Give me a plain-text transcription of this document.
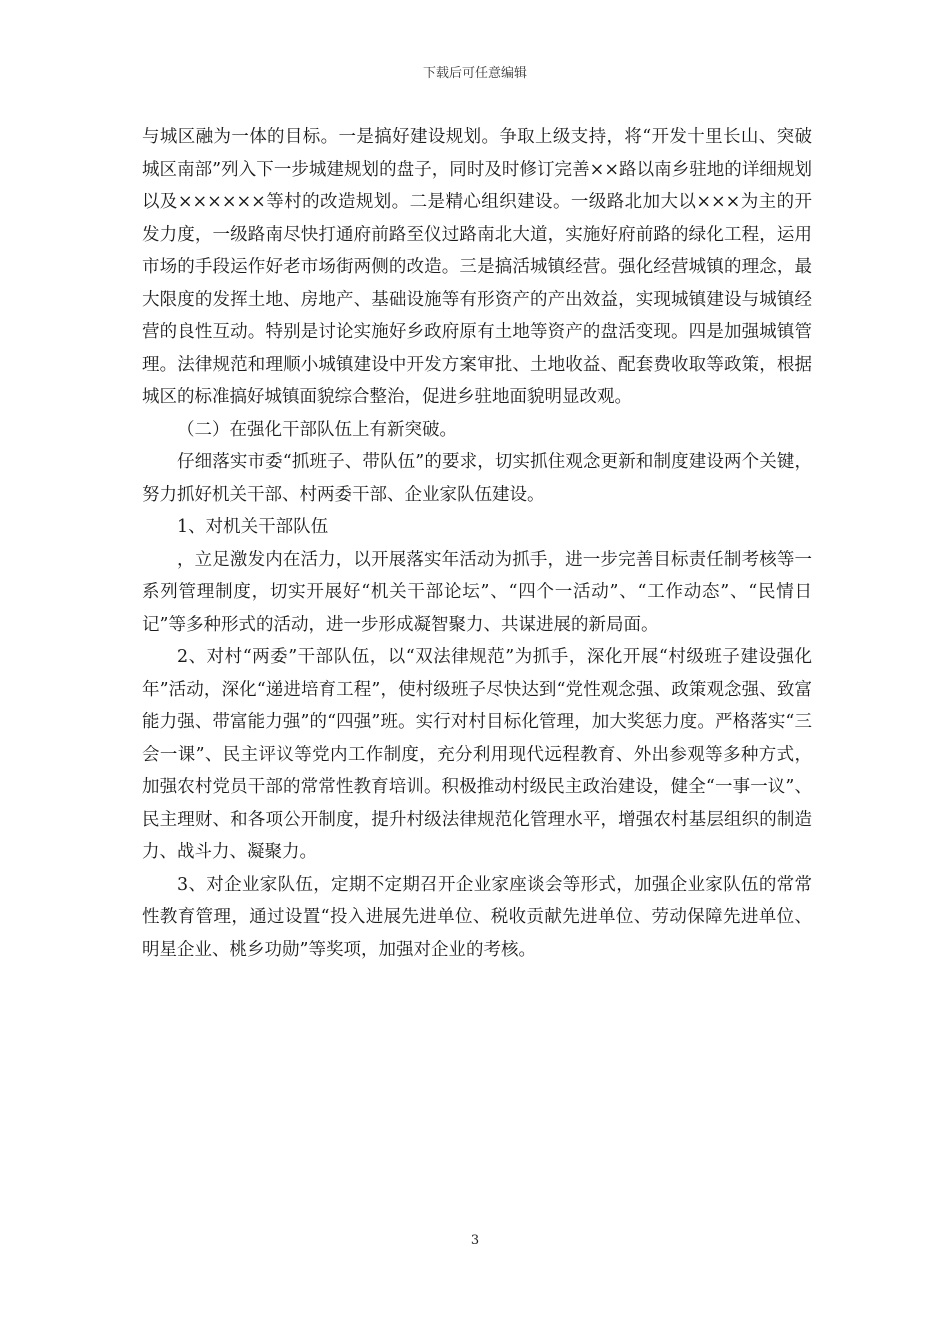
下载后可任意编辑

与城区融为一体的目标。一是搞好建设规划。争取上级支持，将“开发十里长山、突破城区南部”列入下一步城建规划的盘子，同时及时修订完善××路以南乡驻地的详细规划以及××××××等村的改造规划。二是精心组织建设。一级路北加大以×××为主的开发力度，一级路南尽快打通府前路至仪过路南北大道，实施好府前路的绿化工程，运用市场的手段运作好老市场街两侧的改造。三是搞活城镇经营。强化经营城镇的理念，最大限度的发挥土地、房地产、基础设施等有形资产的产出效益，实现城镇建设与城镇经营的良性互动。特别是讨论实施好乡政府原有土地等资产的盘活变现。四是加强城镇管理。法律规范和理顺小城镇建设中开发方案审批、土地收益、配套费收取等政策，根据城区的标准搞好城镇面貌综合整治，促进乡驻地面貌明显改观。

（二）在强化干部队伍上有新突破。

仔细落实市委“抓班子、带队伍”的要求，切实抓住观念更新和制度建设两个关键，努力抓好机关干部、村两委干部、企业家队伍建设。

1、对机关干部队伍

，立足激发内在活力，以开展落实年活动为抓手，进一步完善目标责任制考核等一系列管理制度，切实开展好“机关干部论坛”、“四个一活动”、“工作动态”、“民情日记”等多种形式的活动，进一步形成凝智聚力、共谋进展的新局面。

2、对村“两委”干部队伍，以“双法律规范”为抓手，深化开展“村级班子建设强化年”活动，深化“递进培育工程”，使村级班子尽快达到“党性观念强、政策观念强、致富能力强、带富能力强”的“四强”班。实行对村目标化管理，加大奖惩力度。严格落实“三会一课”、民主评议等党内工作制度，充分利用现代远程教育、外出参观等多种方式，加强农村党员干部的常常性教育培训。积极推动村级民主政治建设，健全“一事一议”、民主理财、和各项公开制度，提升村级法律规范化管理水平，增强农村基层组织的制造力、战斗力、凝聚力。

3、对企业家队伍，定期不定期召开企业家座谈会等形式，加强企业家队伍的常常性教育管理，通过设置“投入进展先进单位、税收贡献先进单位、劳动保障先进单位、明星企业、桃乡功勋”等奖项，加强对企业的考核。

3
